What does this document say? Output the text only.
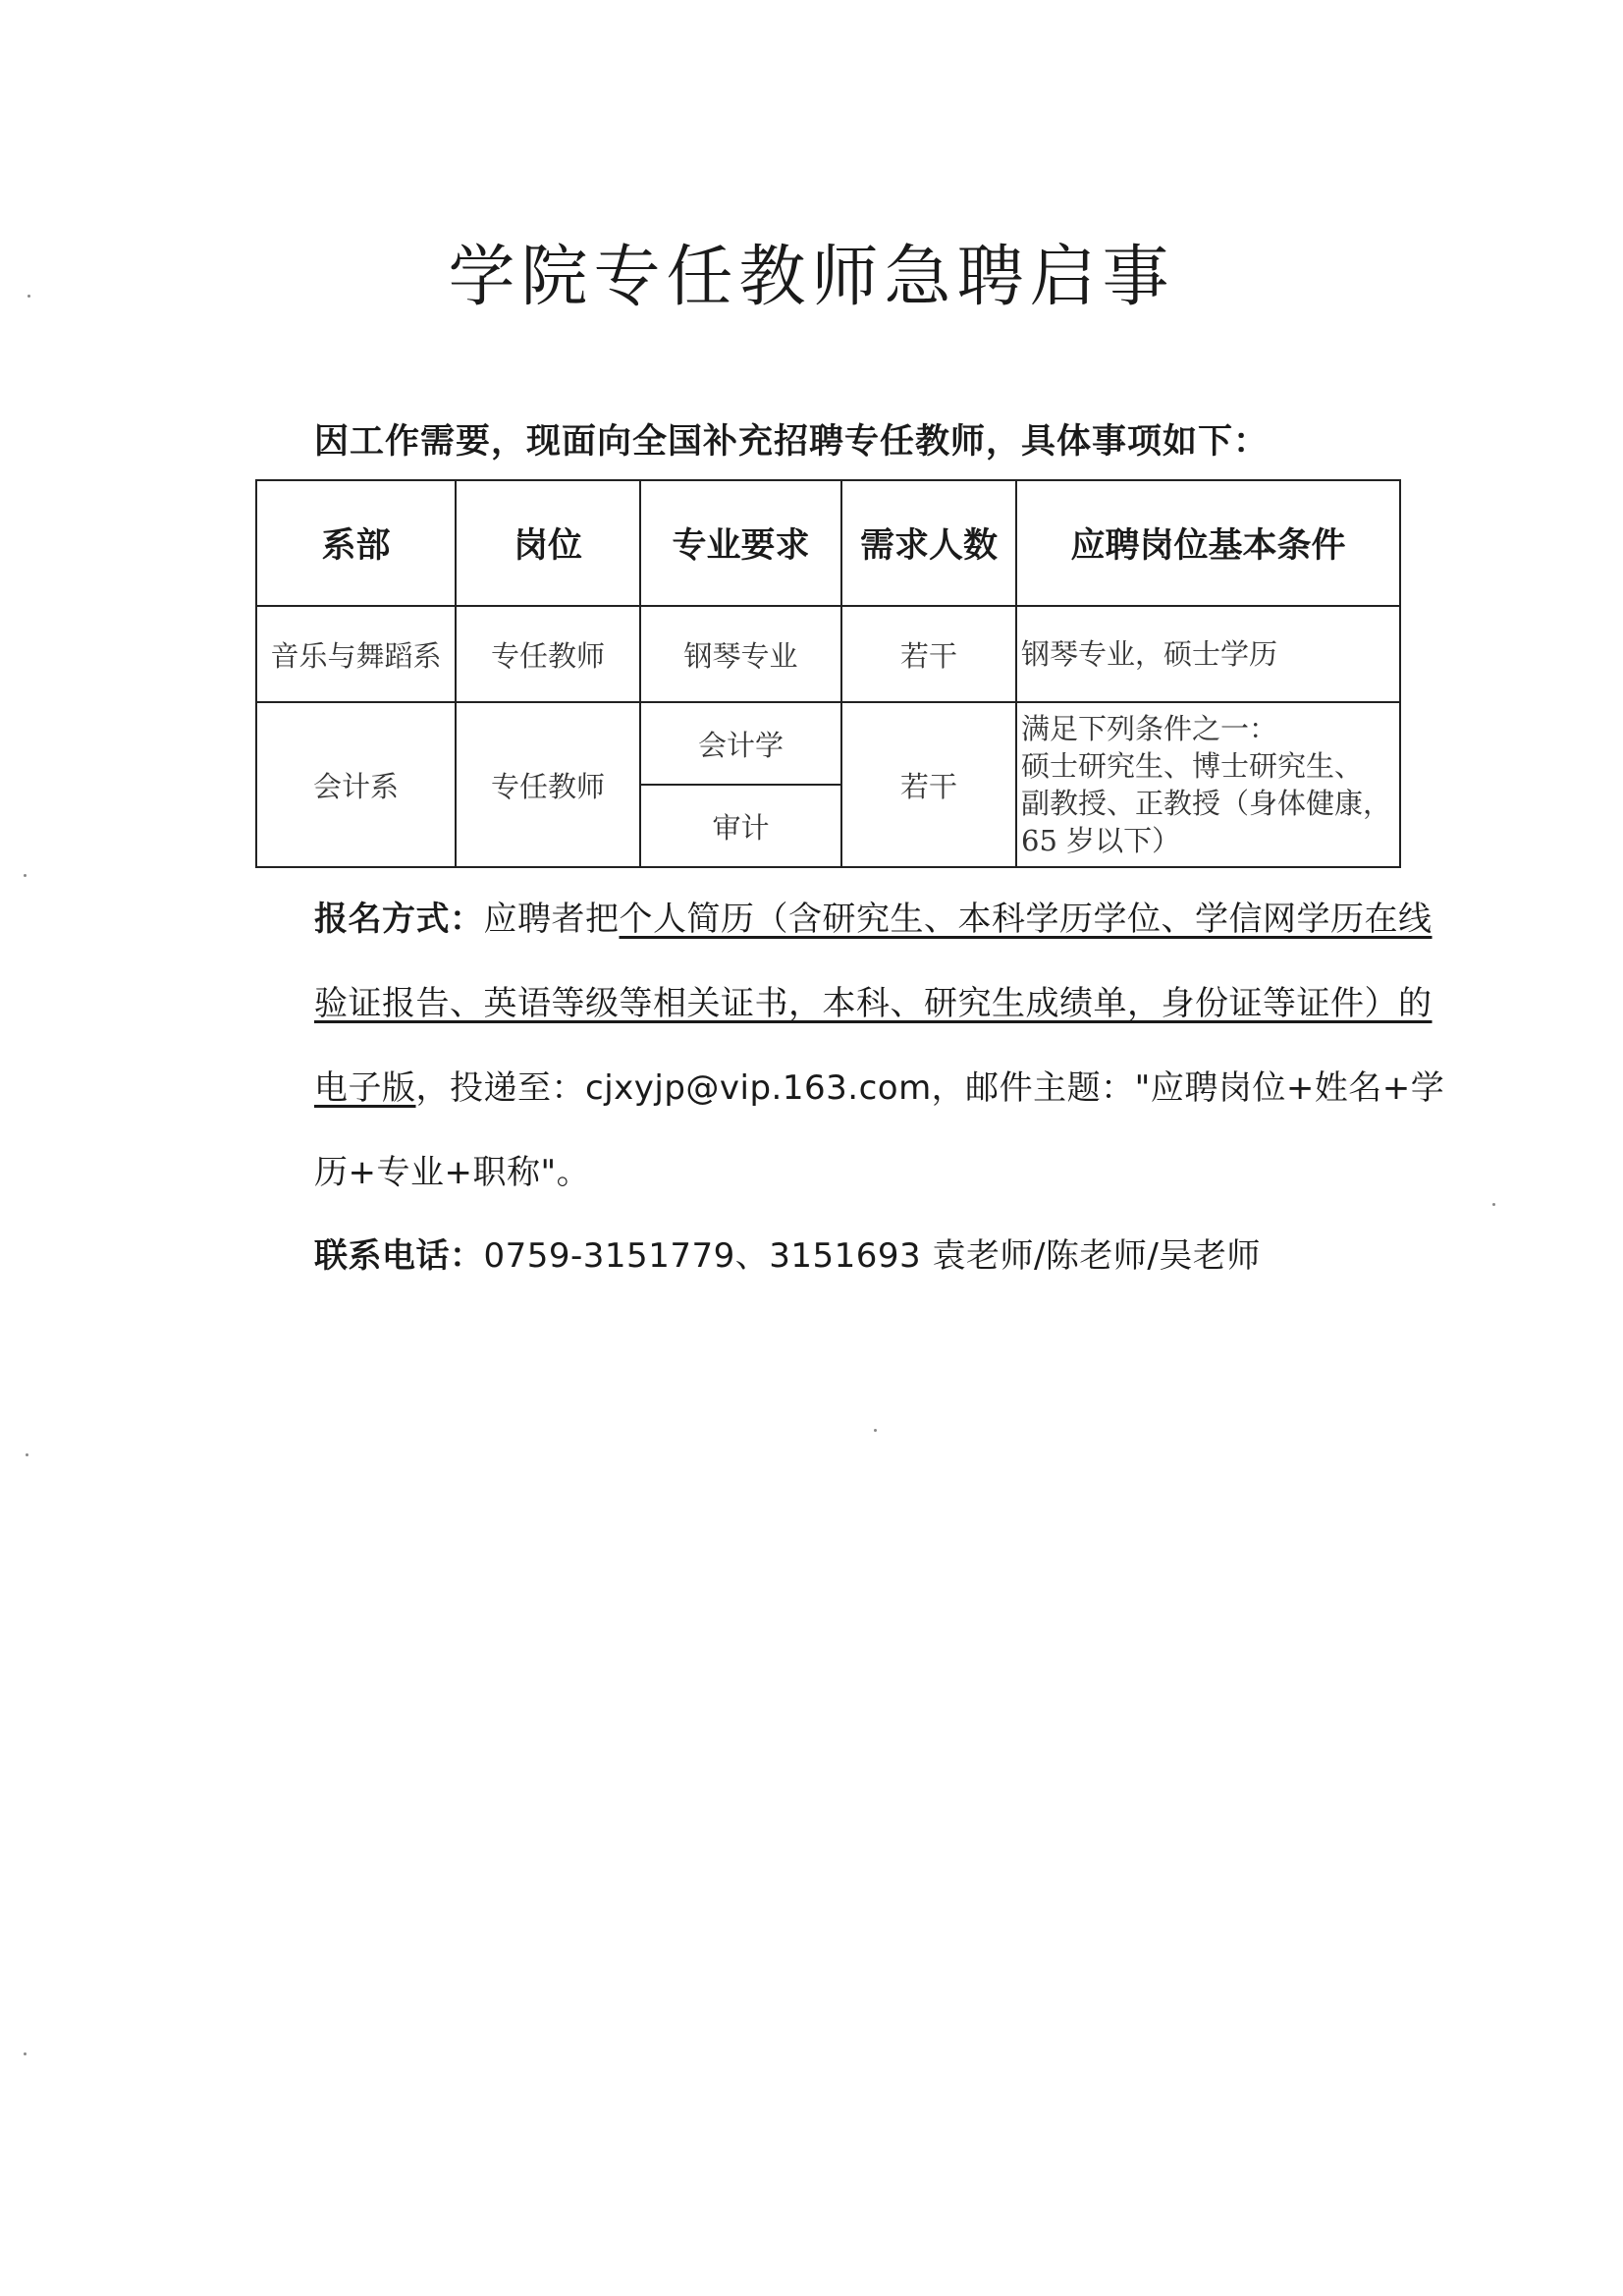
学院专任教师急聘启事
因工作需要，现面向全国补充招聘专任教师，具体事项如下：
系部	岗位	专业要求	需求人数	应聘岗位基本条件
音乐与舞蹈系	专任教师	钢琴专业	若干	钢琴专业，硕士学历
会计系	专任教师	会计学	若干	满足下列条件之一：
硕士研究生、博士研究生、
副教授、正教授（身体健康，
65 岁以下）

		审计		
报名方式：应聘者把个人简历（含研究生、本科学历学位、学信网学历在线验证报告、英语等级等相关证书，本科、研究生成绩单，身份证等证件）的电子版，投递至：cjxyjp@vip.163.com，邮件主题："应聘岗位+姓名+学历+专业+职称"。
联系电话：0759-3151779、3151693 袁老师/陈老师/吴老师
